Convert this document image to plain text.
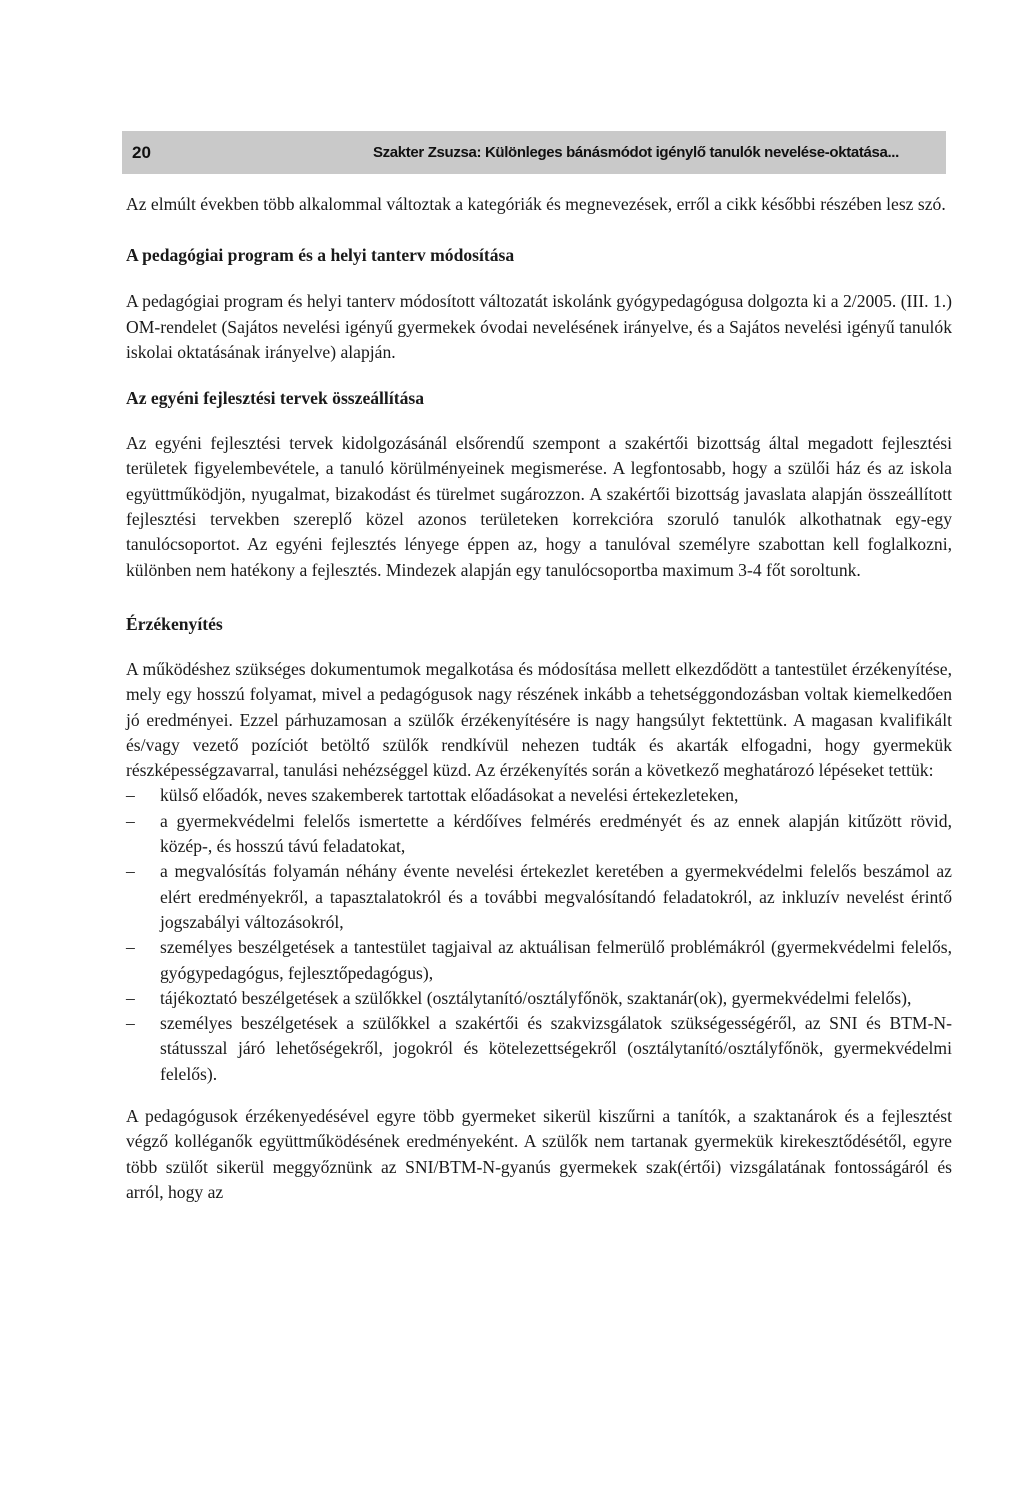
20	Szakter Zsuzsa: Különleges bánásmódot igénylő tanulók nevelése-oktatása...

Az elmúlt években több alkalommal változtak a kategóriák és megnevezések, erről a cikk későbbi részében lesz szó.

A pedagógiai program és a helyi tanterv módosítása

A pedagógiai program és helyi tanterv módosított változatát iskolánk gyógypedagógusa dolgozta ki a 2/2005. (III. 1.) OM-rendelet (Sajátos nevelési igényű gyermekek óvodai nevelésének irányelve, és a Sajátos nevelési igényű tanulók iskolai oktatásának irányelve) alapján.

Az egyéni fejlesztési tervek összeállítása

Az egyéni fejlesztési tervek kidolgozásánál elsőrendű szempont a szakértői bizottság által megadott fejlesztési területek figyelembevétele, a tanuló körülményeinek megismerése. A legfontosabb, hogy a szülői ház és az iskola együttműködjön, nyugalmat, bizakodást és türelmet sugározzon. A szakértői bizottság javaslata alapján összeállított fejlesztési tervekben szereplő közel azonos területeken korrekcióra szoruló tanulók alkothatnak egy-egy tanulócsoportot. Az egyéni fejlesztés lényege éppen az, hogy a tanulóval személyre szabottan kell foglalkozni, különben nem hatékony a fejlesztés. Mindezek alapján egy tanulócsoportba maximum 3-4 főt soroltunk.

Érzékenyítés

A működéshez szükséges dokumentumok megalkotása és módosítása mellett elkezdődött a tantestület érzékenyítése, mely egy hosszú folyamat, mivel a pedagógusok nagy részének inkább a tehetséggondozásban voltak kiemelkedően jó eredményei. Ezzel párhuzamosan a szülők érzékenyítésére is nagy hangsúlyt fektettünk. A magasan kvalifikált és/vagy vezető pozíciót betöltő szülők rendkívül nehezen tudták és akarták elfogadni, hogy gyermekük részképességzavarral, tanulási nehézséggel küzd. Az érzékenyítés során a következő meghatározó lépéseket tettük:

– külső előadók, neves szakemberek tartottak előadásokat a nevelési értekezleteken,
– a gyermekvédelmi felelős ismertette a kérdőíves felmérés eredményét és az ennek alapján kitűzött rövid, közép-, és hosszú távú feladatokat,
– a megvalósítás folyamán néhány évente nevelési értekezlet keretében a gyermekvédelmi felelős beszámol az elért eredményekről, a tapasztalatokról és a további megvalósítandó feladatokról, az inkluzív nevelést érintő jogszabályi változásokról,
– személyes beszélgetések a tantestület tagjaival az aktuálisan felmerülő problémákról (gyermekvédelmi felelős, gyógypedagógus, fejlesztőpedagógus),
– tájékoztató beszélgetések a szülőkkel (osztálytanító/osztályfőnök, szaktanár(ok), gyermekvédelmi felelős),
– személyes beszélgetések a szülőkkel a szakértői és szakvizsgálatok szükségességéről, az SNI és BTM-N-státusszal járó lehetőségekről, jogokról és kötelezettségekről (osztálytanító/osztályfőnök, gyermekvédelmi felelős).

A pedagógusok érzékenyedésével egyre több gyermeket sikerül kiszűrni a tanítók, a szaktanárok és a fejlesztést végző kolléganők együttműködésének eredményeként. A szülők nem tartanak gyermekük kirekesztődésétől, egyre több szülőt sikerül meggyőznünk az SNI/BTM-N-gyanús gyermekek szak(értői) vizsgálatának fontosságáról és arról, hogy az
